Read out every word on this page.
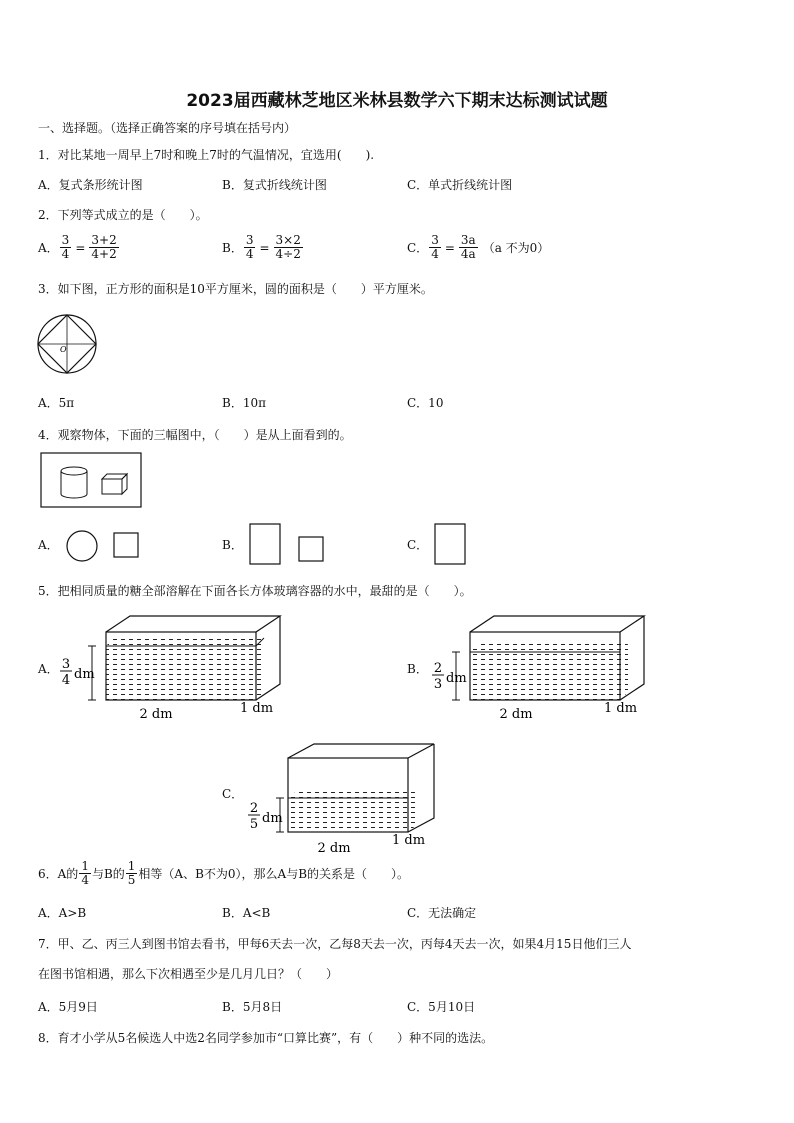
2023届西藏林芝地区米林县数学六下期末达标测试试题
一、选择题。（选择正确答案的序号填在括号内）
1．对比某地一周早上7时和晚上7时的气温情况，宜选用(　　).
A．复式条形统计图	B．复式折线统计图	C．单式折线统计图
2．下列等式成立的是（　　）。
A． $\frac{3}{4} = \frac{3+2}{4+2}$	B． $\frac{3}{4} = \frac{3\times 2}{4\div 2}$	C． $\frac{3}{4} = \frac{3a}{4a} (a$ 不为0）
3．如下图，正方形的面积是10平方厘米，圆的面积是（　　）平方厘米。
O
A．5π	B．10π	C．10
4．观察物体，下面的三幅图中，（　　）是从上面看到的。
A．	B．	C．
5．把相同质量的糖全部溶解在下面各长方体玻璃容器的水中，最甜的是（　　）。
A． 3
4 dm
2 dm	1 dm
B． 2
3 dm
2 dm	1 dm
C．
2
5 dm
2 dm
1 dm
6．A的 $\frac{1}{4}$ 与B的 $\frac{1}{5}$ 相等（A、B不为0），那么A与B的关系是（　　）。
A．A>B	B．A<B	C．无法确定
7．甲、乙、丙三人到图书馆去看书，甲每6天去一次，乙每8天去一次，丙每4天去一次，如果4月15日他们三人
在图书馆相遇，那么下次相遇至少是几月几日？（　　）
A．5月9日	B．5月8日	C．5月10日
8．育才小学从5名候选人中选2名同学参加市“口算比赛”，有（　　）种不同的选法。
